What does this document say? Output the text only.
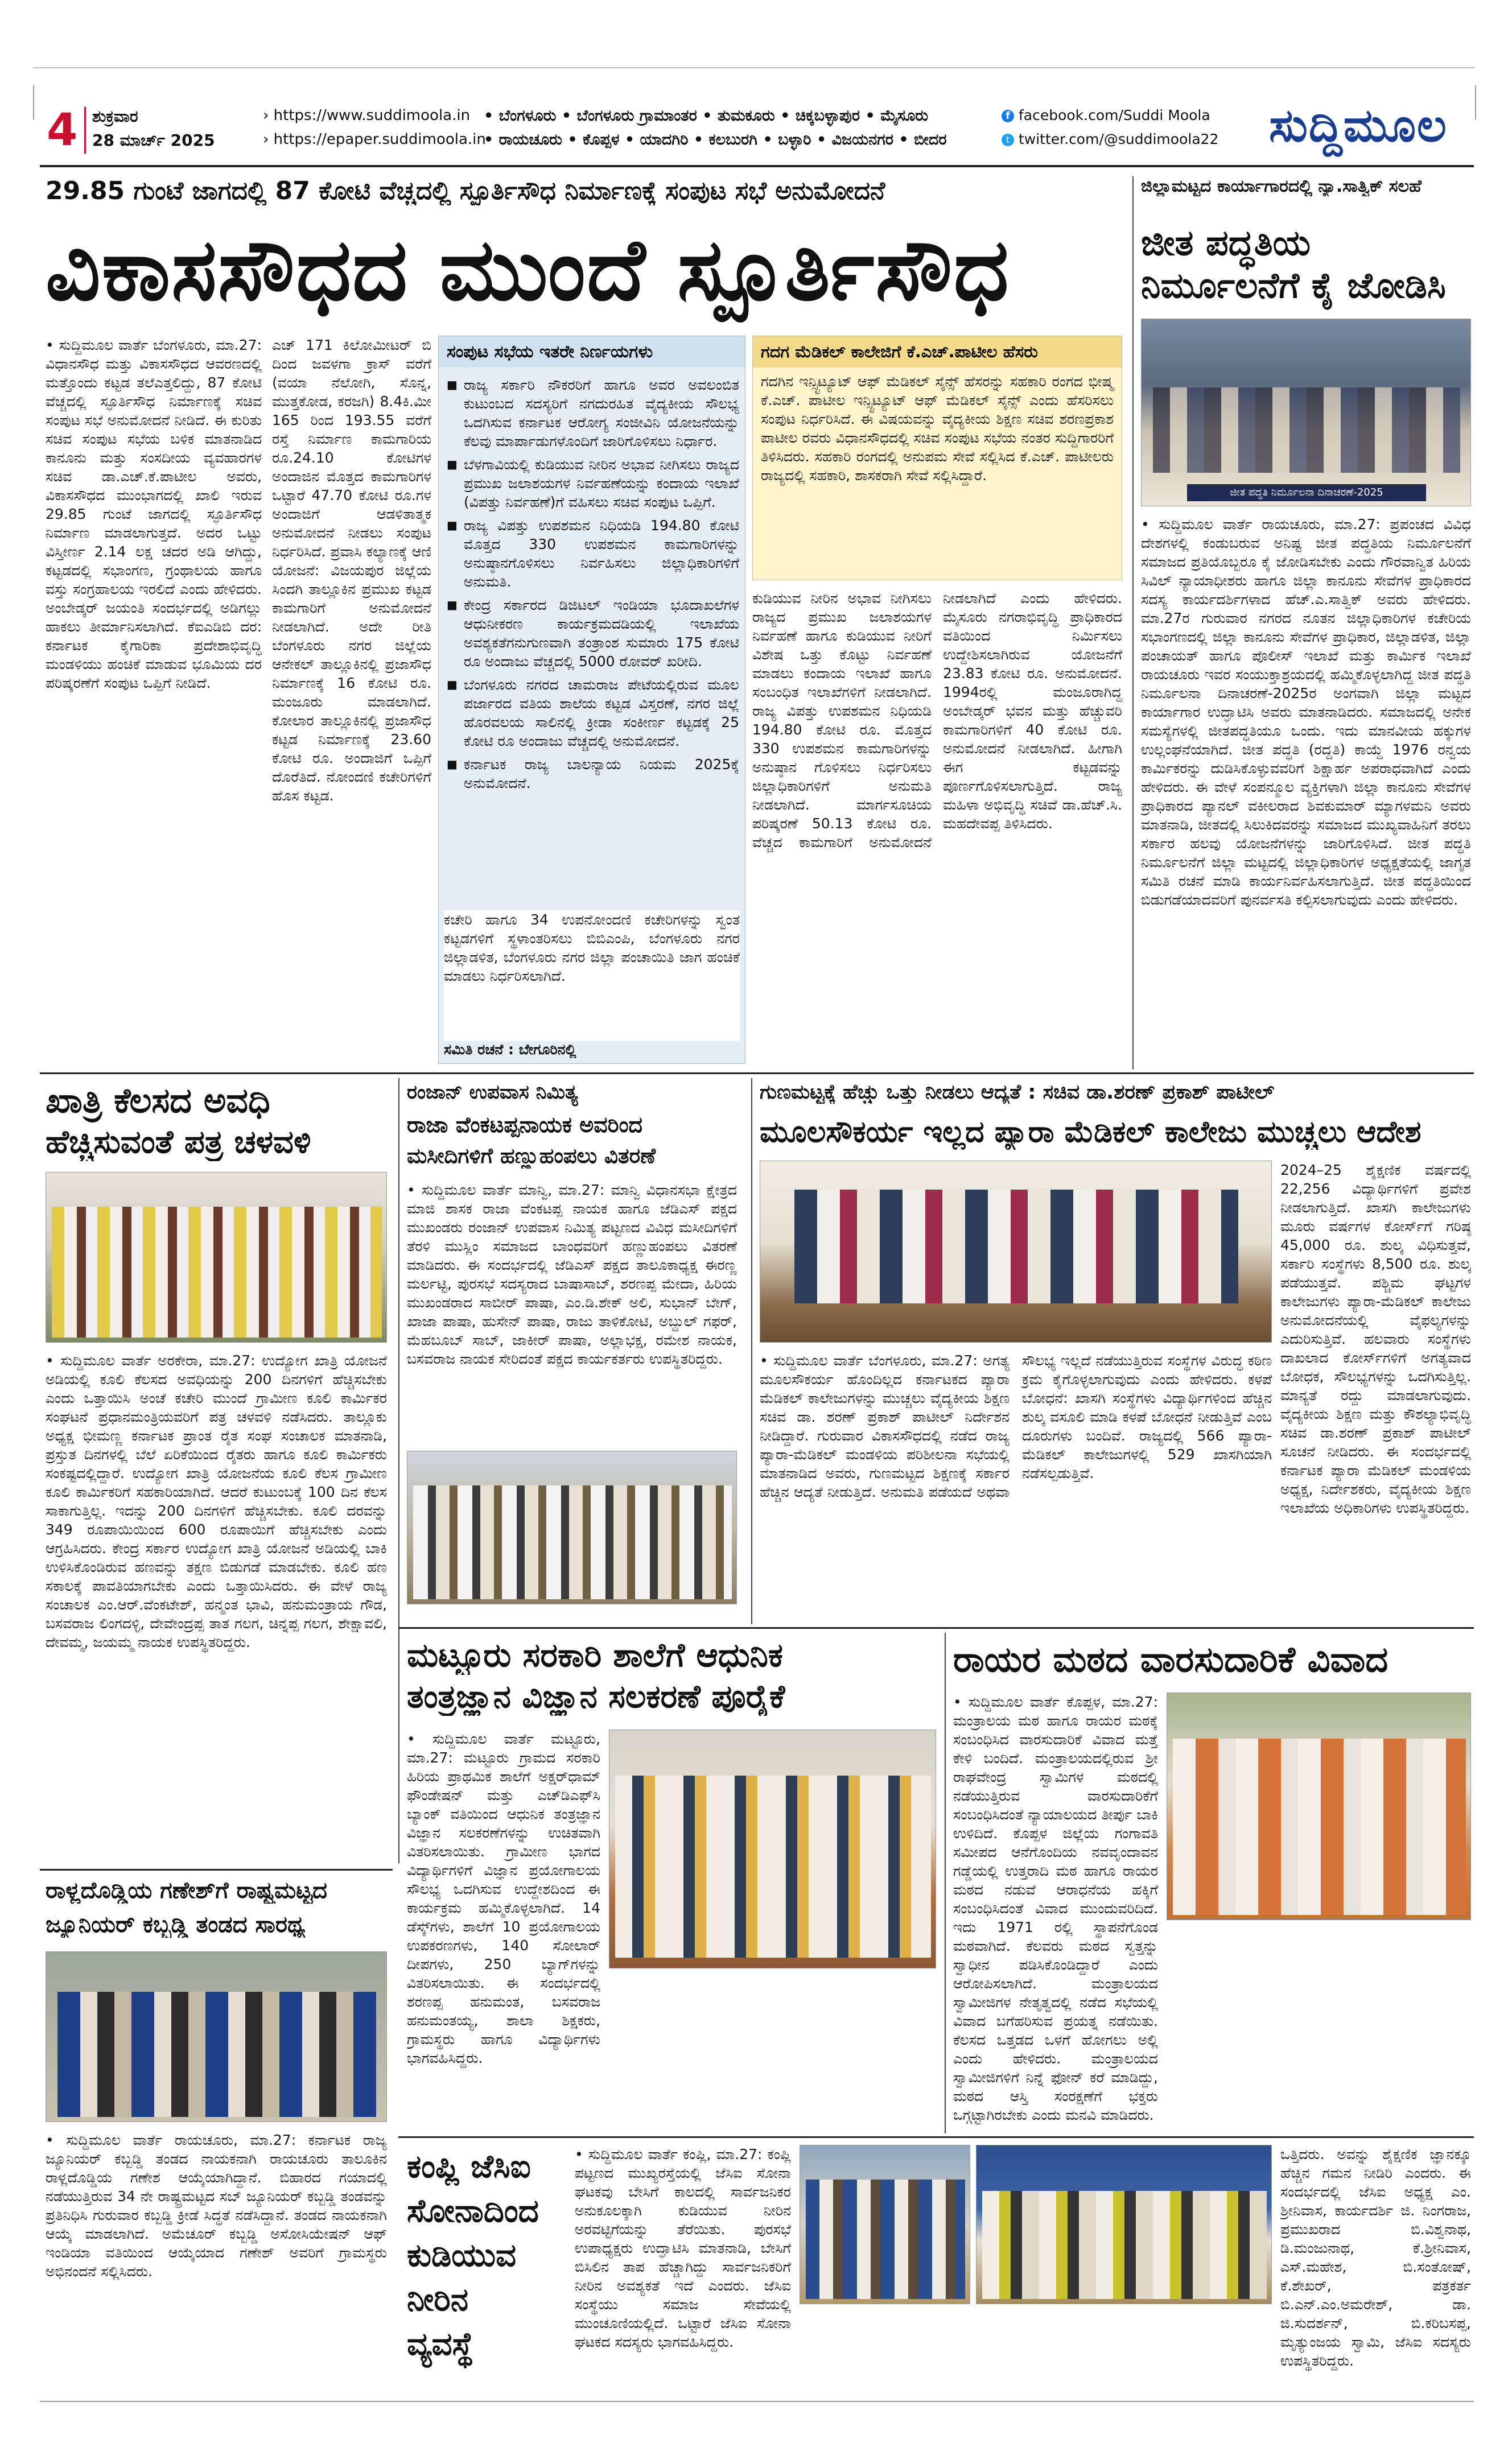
4 ಶುಕ್ರವಾರ
28 ಮಾರ್ಚ್ 2025
› https://www.suddimoola.in
› https://epaper.suddimoola.in
• ಬೆಂಗಳೂರು • ಬೆಂಗಳೂರು ಗ್ರಾಮಾಂತರ • ತುಮಕೂರು • ಚಿಕ್ಕಬಳ್ಳಾಪುರ • ಮೈಸೂರು
• ರಾಯಚೂರು • ಕೊಪ್ಪಳ • ಯಾದಗಿರಿ • ಕಲಬುರಗಿ • ಬಳ್ಳಾರಿ • ವಿಜಯನಗರ • ಬೀದರ
f facebook.com/Suddi Moola
t twitter.com/@suddimoola22 ಸುದ್ದಿಮೂಲ
29.85 ಗುಂಟೆ ಜಾಗದಲ್ಲಿ 87 ಕೋಟಿ ವೆಚ್ಚದಲ್ಲಿ ಸ್ಫೂರ್ತಿಸೌಧ ನಿರ್ಮಾಣಕ್ಕೆ ಸಂಪುಟ ಸಭೆ ಅನುಮೋದನೆ
ವಿಕಾಸಸೌಧದ ಮುಂದೆ ಸ್ಪೂರ್ತಿಸೌಧ
• ಸುದ್ದಿಮೂಲ ವಾರ್ತೆ ಬೆಂಗಳೂರು, ಮಾ.27: ವಿಧಾನಸೌಧ ಮತ್ತು ವಿಕಾಸಸೌಧದ ಆವರಣದಲ್ಲಿ ಮತ್ತೊಂದು ಕಟ್ಟಡ ತಲೆಎತ್ತಲಿದ್ದು, 87 ಕೋಟಿ ವೆಚ್ಚದಲ್ಲಿ ಸ್ಫೂರ್ತಿಸೌಧ ನಿರ್ಮಾಣಕ್ಕೆ ಸಚಿವ ಸಂಪುಟ ಸಭೆ ಅನುಮೋದನೆ ನೀಡಿದೆ. ಈ ಕುರಿತು ಸಚಿವ ಸಂಪುಟ ಸಭೆಯ ಬಳಿಕ ಮಾತನಾಡಿದ ಕಾನೂನು ಮತ್ತು ಸಂಸದೀಯ ವ್ಯವಹಾರಗಳ ಸಚಿವ ಡಾ.ಎಚ್.ಕೆ.ಪಾಟೀಲ ಅವರು, ವಿಕಾಸಸೌಧದ ಮುಂಭಾಗದಲ್ಲಿ ಖಾಲಿ ಇರುವ 29.85 ಗುಂಟೆ ಜಾಗದಲ್ಲಿ ಸ್ಫೂರ್ತಿಸೌಧ ನಿರ್ಮಾಣ ಮಾಡಲಾಗುತ್ತದೆ. ಅದರ ಒಟ್ಟು ವಿಸ್ತೀರ್ಣ 2.14 ಲಕ್ಷ ಚದರ ಅಡಿ ಆಗಿದ್ದು, ಕಟ್ಟಡದಲ್ಲಿ ಸಭಾಂಗಣ, ಗ್ರಂಥಾಲಯ ಹಾಗೂ ವಸ್ತು ಸಂಗ್ರಹಾಲಯ ಇರಲಿದೆ ಎಂದು ಹೇಳಿದರು. ಅಂಬೇಡ್ಕರ್ ಜಯಂತಿ ಸಂದರ್ಭದಲ್ಲಿ ಅಡಿಗಲ್ಲು ಹಾಕಲು ತೀರ್ಮಾನಿಸಲಾಗಿದೆ. ಕೆಐಎಡಿಬಿ ದರ: ಕರ್ನಾಟಕ ಕೈಗಾರಿಕಾ ಪ್ರದೇಶಾಭಿವೃದ್ಧಿ ಮಂಡಳಿಯು ಹಂಚಿಕೆ ಮಾಡುವ ಭೂಮಿಯ ದರ ಪರಿಷ್ಕರಣೆಗೆ ಸಂಪುಟ ಒಪ್ಪಿಗೆ ನೀಡಿದೆ.
ಎಚ್ 171 ಕಿಲೋಮೀಟರ್ ಬಿ ದಿಂದ ಜವಳಗಾ ಕ್ರಾಸ್ ವರೆಗೆ (ವಯಾ ನೆಲೋಗಿ, ಸೊನ್ನ, ಮುತ್ತಕೋಡ, ಕರಜಗಿ) 8.4ಕಿ.ಮೀ 165 ರಿಂದ 193.55 ವರೆಗೆ ರಸ್ತೆ ನಿರ್ಮಾಣ ಕಾಮಗಾರಿಯ ರೂ.24.10 ಕೋಟಿಗಳ ಅಂದಾಜಿನ ಮೊತ್ತದ ಕಾಮಗಾರಿಗಳ ಒಟ್ಟಾರೆ 47.70 ಕೋಟಿ ರೂ.ಗಳ ಅಂದಾಜಿಗೆ ಆಡಳಿತಾತ್ಮಕ ಅನುಮೋದನೆ ನೀಡಲು ಸಂಪುಟ ನಿರ್ಧರಿಸಿದೆ. ಪ್ರವಾಸಿ ಕಲ್ಯಾಣಕ್ಕೆ ಆಣಿ ಯೋಜನೆ: ವಿಜಯಪುರ ಜಿಲ್ಲೆಯ ಸಿಂದಗಿ ತಾಲ್ಲೂಕಿನ ಪ್ರಮುಖ ಕಟ್ಟಡ ಕಾಮಗಾರಿಗೆ ಅನುಮೋದನೆ ನೀಡಲಾಗಿದೆ. ಅದೇ ರೀತಿ ಬೆಂಗಳೂರು ನಗರ ಜಿಲ್ಲೆಯ ಆನೇಕಲ್ ತಾಲ್ಲೂಕಿನಲ್ಲಿ ಪ್ರಜಾಸೌಧ ನಿರ್ಮಾಣಕ್ಕೆ 16 ಕೋಟಿ ರೂ. ಮಂಜೂರು ಮಾಡಲಾಗಿದೆ. ಕೋಲಾರ ತಾಲ್ಲೂಕಿನಲ್ಲಿ ಪ್ರಜಾಸೌಧ ಕಟ್ಟಡ ನಿರ್ಮಾಣಕ್ಕೆ 23.60 ಕೋಟಿ ರೂ. ಅಂದಾಜಿಗೆ ಒಪ್ಪಿಗೆ ದೊರೆತಿದೆ. ನೋಂದಣಿ ಕಚೇರಿಗಳಿಗೆ ಹೊಸ ಕಟ್ಟಡ.
ಸಂಪುಟ ಸಭೆಯ ಇತರೇ ನಿರ್ಣಯಗಳು
■ ರಾಜ್ಯ ಸರ್ಕಾರಿ ನೌಕರರಿಗೆ ಹಾಗೂ ಅವರ ಅವಲಂಬಿತ ಕುಟುಂಬದ ಸದಸ್ಯರಿಗೆ ನಗದುರಹಿತ ವೈದ್ಯಕೀಯ ಸೌಲಭ್ಯ ಒದಗಿಸುವ ಕರ್ನಾಟಕ ಆರೋಗ್ಯ ಸಂಜೀವಿನಿ ಯೋಜನೆಯನ್ನು ಕೆಲವು ಮಾರ್ಪಾಡುಗಳೊಂದಿಗೆ ಜಾರಿಗೊಳಿಸಲು ನಿರ್ಧಾರ.
■ ಬೆಳಗಾವಿಯಲ್ಲಿ ಕುಡಿಯುವ ನೀರಿನ ಅಭಾವ ನೀಗಿಸಲು ರಾಜ್ಯದ ಪ್ರಮುಖ ಜಲಾಶಯಗಳ ನಿರ್ವಹಣೆಯನ್ನು ಕಂದಾಯ ಇಲಾಖೆ (ವಿಪತ್ತು ನಿರ್ವಹಣೆ)ಗೆ ವಹಿಸಲು ಸಚಿವ ಸಂಪುಟ ಒಪ್ಪಿಗೆ.
■ ರಾಜ್ಯ ವಿಪತ್ತು ಉಪಶಮನ ನಿಧಿಯಡಿ 194.80 ಕೋಟಿ ಮೊತ್ತದ 330 ಉಪಶಮನ ಕಾಮಗಾರಿಗಳನ್ನು ಅನುಷ್ಠಾನಗೊಳಿಸಲು ನಿರ್ವಹಿಸಲು ಜಿಲ್ಲಾಧಿಕಾರಿಗಳಿಗೆ ಅನುಮತಿ.
■ ಕೇಂದ್ರ ಸರ್ಕಾರದ ಡಿಜಿಟಲ್ ಇಂಡಿಯಾ ಭೂದಾಖಲೆಗಳ ಆಧುನೀಕರಣ ಕಾರ್ಯಕ್ರಮದಡಿಯಲ್ಲಿ ಇಲಾಖೆಯ ಅವಶ್ಯಕತೆಗನುಗುಣವಾಗಿ ತಂತ್ರಾಂಶ ಸುಮಾರು 175 ಕೋಟಿ ರೂ ಅಂದಾಜು ವೆಚ್ಚದಲ್ಲಿ 5000 ರೋವರ್ ಖರೀದಿ.
■ ಬೆಂಗಳೂರು ನಗರದ ಚಾಮರಾಜ ಪೇಟೆಯಲ್ಲಿರುವ ಮೂಲ ಪರ್ಜಾರದ ವತಿಯ ಶಾಲೆಯ ಕಟ್ಟಡ ವಿಸ್ತರಣೆ, ನಗರ ಜಿಲ್ಲೆ ಹೊರವಲಯ ಸಾಲಿನಲ್ಲಿ ಕ್ರೀಡಾ ಸಂಕೀರ್ಣ ಕಟ್ಟಡಕ್ಕೆ 25 ಕೋಟಿ ರೂ ಅಂದಾಜು ವೆಚ್ಚದಲ್ಲಿ ಅನುಮೋದನೆ.
■ ಕರ್ನಾಟಕ ರಾಜ್ಯ ಬಾಲನ್ಯಾಯ ನಿಯಮ 2025ಕ್ಕೆ ಅನುಮೋದನೆ.
ಕಚೇರಿ ಹಾಗೂ 34 ಉಪನೋಂದಣಿ ಕಚೇರಿಗಳನ್ನು ಸ್ವಂತ ಕಟ್ಟಡಗಳಿಗೆ ಸ್ಥಳಾಂತರಿಸಲು ಬಿಬಿಎಂಪಿ, ಬೆಂಗಳೂರು ನಗರ ಜಿಲ್ಲಾಡಳಿತ, ಬೆಂಗಳೂರು ನಗರ ಜಿಲ್ಲಾ ಪಂಚಾಯಿತಿ ಜಾಗ ಹಂಚಿಕೆ ಮಾಡಲು ನಿರ್ಧರಿಸಲಾಗಿದೆ.
ಸಮಿತಿ ರಚನೆ : ಬೇಗೂರಿನಲ್ಲಿ
ಗದಗ ಮೆಡಿಕಲ್ ಕಾಲೇಜಿಗೆ ಕೆ.ಎಚ್.ಪಾಟೀಲ ಹೆಸರು
ಗದಗಿನ ಇನ್ಸ್ಟಿಟ್ಯೂಟ್ ಆಫ್ ಮೆಡಿಕಲ್ ಸೈನ್ಸ್ ಹೆಸರನ್ನು ಸಹಕಾರಿ ರಂಗದ ಭೀಷ್ಮ ಕೆ.ಎಚ್. ಪಾಟೀಲ ಇನ್ಸ್ಟಿಟ್ಯೂಟ್ ಆಫ್ ಮೆಡಿಕಲ್ ಸೈನ್ಸ್ ಎಂದು ಹೆಸರಿಸಲು ಸಂಪುಟ ನಿರ್ಧರಿಸಿದೆ. ಈ ವಿಷಯವನ್ನು ವೈದ್ಯಕೀಯ ಶಿಕ್ಷಣ ಸಚಿವ ಶರಣಪ್ರಕಾಶ ಪಾಟೀಲ ರವರು ವಿಧಾನಸೌಧದಲ್ಲಿ ಸಚಿವ ಸಂಪುಟ ಸಭೆಯ ನಂತರ ಸುದ್ದಿಗಾರರಿಗೆ ತಿಳಿಸಿದರು. ಸಹಕಾರಿ ರಂಗದಲ್ಲಿ ಅನುಪಮ ಸೇವೆ ಸಲ್ಲಿಸಿದ ಕೆ.ಎಚ್. ಪಾಟೀಲರು ರಾಜ್ಯದಲ್ಲಿ ಸಹಕಾರಿ, ಶಾಸಕರಾಗಿ ಸೇವೆ ಸಲ್ಲಿಸಿದ್ದಾರೆ.
ಕುಡಿಯುವ ನೀರಿನ ಅಭಾವ ನೀಗಿಸಲು ರಾಜ್ಯದ ಪ್ರಮುಖ ಜಲಾಶಯಗಳ ನಿರ್ವಹಣೆ ಹಾಗೂ ಕುಡಿಯುವ ನೀರಿಗೆ ವಿಶೇಷ ಒತ್ತು ಕೊಟ್ಟು ನಿರ್ವಹಣೆ ಮಾಡಲು ಕಂದಾಯ ಇಲಾಖೆ ಹಾಗೂ ಸಂಬಂಧಿತ ಇಲಾಖೆಗಳಿಗೆ ನೀಡಲಾಗಿದೆ. ರಾಜ್ಯ ವಿಪತ್ತು ಉಪಶಮನ ನಿಧಿಯಡಿ 194.80 ಕೋಟಿ ರೂ. ಮೊತ್ತದ 330 ಉಪಶಮನ ಕಾಮಗಾರಿಗಳನ್ನು ಅನುಷ್ಠಾನ ಗೊಳಿಸಲು ನಿರ್ಧರಿಸಲು ಜಿಲ್ಲಾಧಿಕಾರಿಗಳಿಗೆ ಅನುಮತಿ ನೀಡಲಾಗಿದೆ. ಮಾರ್ಗಸೂಚಿಯ ಪರಿಷ್ಕರಣೆ 50.13 ಕೋಟಿ ರೂ. ವೆಚ್ಚದ ಕಾಮಗಾರಿಗೆ ಅನುಮೋದನೆ ನೀಡಲಾಗಿದೆ ಎಂದು ಹೇಳಿದರು. ಮೈಸೂರು ನಗರಾಭಿವೃದ್ಧಿ ಪ್ರಾಧಿಕಾರದ ವತಿಯಿಂದ ನಿರ್ಮಿಸಲು ಉದ್ದೇಶಿಸಲಾಗಿರುವ ಯೋಜನೆಗೆ 23.83 ಕೋಟಿ ರೂ. ಅನುಮೋದನೆ. 1994ರಲ್ಲಿ ಮಂಜೂರಾಗಿದ್ದ ಅಂಬೇಡ್ಕರ್ ಭವನ ಮತ್ತು ಹೆಚ್ಚುವರಿ ಕಾಮಗಾರಿಗಳಿಗೆ 40 ಕೋಟಿ ರೂ. ಅನುಮೋದನೆ ನೀಡಲಾಗಿದೆ. ಹೀಗಾಗಿ ಈಗ ಕಟ್ಟಡವನ್ನು ಪೂರ್ಣಗೊಳಿಸಲಾಗುತ್ತಿದೆ. ರಾಜ್ಯ ಮಹಿಳಾ ಅಭಿವೃದ್ಧಿ ಸಚಿವೆ ಡಾ.ಹೆಚ್.ಸಿ. ಮಹದೇವಪ್ಪ ತಿಳಿಸಿದರು.
ಜಿಲ್ಲಾಮಟ್ಟದ ಕಾರ್ಯಾಗಾರದಲ್ಲಿ ನ್ಯಾ.ಸಾತ್ವಿಕ್ ಸಲಹೆ
ಜೀತ ಪದ್ಧತಿಯ
ನಿರ್ಮೂಲನೆಗೆ ಕೈ ಜೋಡಿಸಿ
ಜೀತ ಪದ್ಧತಿ ನಿರ್ಮೂಲನಾ ದಿನಾಚರಣೆ-2025
• ಸುದ್ದಿಮೂಲ ವಾರ್ತೆ ರಾಯಚೂರು, ಮಾ.27: ಪ್ರಪಂಚದ ವಿವಿಧ ದೇಶಗಳಲ್ಲಿ ಕಂಡುಬರುವ ಅನಿಷ್ಟ ಜೀತ ಪದ್ಧತಿಯ ನಿರ್ಮೂಲನೆಗೆ ಸಮಾಜದ ಪ್ರತಿಯೊಬ್ಬರೂ ಕೈ ಜೋಡಿಸಬೇಕು ಎಂದು ಗೌರವಾನ್ವಿತ ಹಿರಿಯ ಸಿವಿಲ್ ನ್ಯಾಯಾಧೀಶರು ಹಾಗೂ ಜಿಲ್ಲಾ ಕಾನೂನು ಸೇವೆಗಳ ಪ್ರಾಧಿಕಾರದ ಸದಸ್ಯ ಕಾರ್ಯದರ್ಶಿಗಳಾದ ಹೆಚ್.ಎ.ಸಾತ್ವಿಕ್ ಅವರು ಹೇಳಿದರು. ಮಾ.27ರ ಗುರುವಾರ ನಗರದ ನೂತನ ಜಿಲ್ಲಾಧಿಕಾರಿಗಳ ಕಚೇರಿಯ ಸಭಾಂಗಣದಲ್ಲಿ ಜಿಲ್ಲಾ ಕಾನೂನು ಸೇವೆಗಳ ಪ್ರಾಧಿಕಾರ, ಜಿಲ್ಲಾಡಳಿತ, ಜಿಲ್ಲಾ ಪಂಚಾಯತ್ ಹಾಗೂ ಪೊಲೀಸ್ ಇಲಾಖೆ ಮತ್ತು ಕಾರ್ಮಿಕ ಇಲಾಖೆ ರಾಯಚೂರು ಇವರ ಸಂಯುಕ್ತಾಶ್ರಯದಲ್ಲಿ ಹಮ್ಮಿಕೊಳ್ಳಲಾಗಿದ್ದ ಜೀತ ಪದ್ಧತಿ ನಿರ್ಮೂಲನಾ ದಿನಾಚರಣೆ-2025ರ ಅಂಗವಾಗಿ ಜಿಲ್ಲಾ ಮಟ್ಟದ ಕಾರ್ಯಾಗಾರ ಉದ್ಘಾಟಿಸಿ ಅವರು ಮಾತನಾಡಿದರು. ಸಮಾಜದಲ್ಲಿ ಅನೇಕ ಸಮಸ್ಯೆಗಳಲ್ಲಿ ಜೀತಪದ್ಧತಿಯೂ ಒಂದು. ಇದು ಮಾನವೀಯ ಹಕ್ಕುಗಳ ಉಲ್ಲಂಘನೆಯಾಗಿದೆ. ಜೀತ ಪದ್ಧತಿ (ರದ್ದತಿ) ಕಾಯ್ದೆ 1976 ರನ್ವಯ ಕಾರ್ಮಿಕರನ್ನು ದುಡಿಸಿಕೊಳ್ಳುವವರಿಗೆ ಶಿಕ್ಷಾರ್ಹ ಅಪರಾಧವಾಗಿದೆ ಎಂದು ಹೇಳಿದರು. ಈ ವೇಳೆ ಸಂಪನ್ಮೂಲ ವ್ಯಕ್ತಿಗಳಾಗಿ ಜಿಲ್ಲಾ ಕಾನೂನು ಸೇವೆಗಳ ಪ್ರಾಧಿಕಾರದ ಪ್ಯಾನಲ್ ವಕೀಲರಾದ ಶಿವಕುಮಾರ್ ಮ್ಯಾಗಳಮನಿ ಅವರು ಮಾತನಾಡಿ, ಜೀತದಲ್ಲಿ ಸಿಲುಕಿದವರನ್ನು ಸಮಾಜದ ಮುಖ್ಯವಾಹಿನಿಗೆ ತರಲು ಸರ್ಕಾರ ಹಲವು ಯೋಜನೆಗಳನ್ನು ಜಾರಿಗೊಳಿಸಿದೆ. ಜೀತ ಪದ್ಧತಿ ನಿರ್ಮೂಲನೆಗೆ ಜಿಲ್ಲಾ ಮಟ್ಟದಲ್ಲಿ ಜಿಲ್ಲಾಧಿಕಾರಿಗಳ ಅಧ್ಯಕ್ಷತೆಯಲ್ಲಿ ಜಾಗೃತ ಸಮಿತಿ ರಚನೆ ಮಾಡಿ ಕಾರ್ಯನಿರ್ವಹಿಸಲಾಗುತ್ತಿದೆ. ಜೀತ ಪದ್ಧತಿಯಿಂದ ಬಿಡುಗಡೆಯಾದವರಿಗೆ ಪುನರ್ವಸತಿ ಕಲ್ಪಿಸಲಾಗುವುದು ಎಂದು ಹೇಳಿದರು.
ಖಾತ್ರಿ ಕೆಲಸದ ಅವಧಿ
ಹೆಚ್ಚಿಸುವಂತೆ ಪತ್ರ ಚಳವಳಿ
• ಸುದ್ದಿಮೂಲ ವಾರ್ತೆ ಅರಕೇರಾ, ಮಾ.27: ಉದ್ಯೋಗ ಖಾತ್ರಿ ಯೋಜನೆ ಅಡಿಯಲ್ಲಿ ಕೂಲಿ ಕೆಲಸದ ಅವಧಿಯನ್ನು 200 ದಿನಗಳಿಗೆ ಹೆಚ್ಚಿಸಬೇಕು ಎಂದು ಒತ್ತಾಯಿಸಿ ಅಂಚೆ ಕಚೇರಿ ಮುಂದೆ ಗ್ರಾಮೀಣ ಕೂಲಿ ಕಾರ್ಮಿಕರ ಸಂಘಟನೆ ಪ್ರಧಾನಮಂತ್ರಿಯವರಿಗೆ ಪತ್ರ ಚಳವಳಿ ನಡೆಸಿದರು. ತಾಲ್ಲೂಕು ಅಧ್ಯಕ್ಷ ಭೀಮಣ್ಣ ಕರ್ನಾಟಕ ಪ್ರಾಂತ ರೈತ ಸಂಘ ಸಂಚಾಲಕ ಮಾತನಾಡಿ, ಪ್ರಸ್ತುತ ದಿನಗಳಲ್ಲಿ ಬೆಲೆ ಏರಿಕೆಯಿಂದ ರೈತರು ಹಾಗೂ ಕೂಲಿ ಕಾರ್ಮಿಕರು ಸಂಕಷ್ಟದಲ್ಲಿದ್ದಾರೆ. ಉದ್ಯೋಗ ಖಾತ್ರಿ ಯೋಜನೆಯ ಕೂಲಿ ಕೆಲಸ ಗ್ರಾಮೀಣ ಕೂಲಿ ಕಾರ್ಮಿಕರಿಗೆ ಸಹಕಾರಿಯಾಗಿದೆ. ಆದರೆ ಕುಟುಂಬಕ್ಕೆ 100 ದಿನ ಕೆಲಸ ಸಾಕಾಗುತ್ತಿಲ್ಲ. ಇದನ್ನು 200 ದಿನಗಳಿಗೆ ಹೆಚ್ಚಿಸಬೇಕು. ಕೂಲಿ ದರವನ್ನು 349 ರೂಪಾಯಿಯಿಂದ 600 ರೂಪಾಯಿಗೆ ಹೆಚ್ಚಿಸಬೇಕು ಎಂದು ಆಗ್ರಹಿಸಿದರು. ಕೇಂದ್ರ ಸರ್ಕಾರ ಉದ್ಯೋಗ ಖಾತ್ರಿ ಯೋಜನೆ ಅಡಿಯಲ್ಲಿ ಬಾಕಿ ಉಳಿಸಿಕೊಂಡಿರುವ ಹಣವನ್ನು ತಕ್ಷಣ ಬಿಡುಗಡೆ ಮಾಡಬೇಕು. ಕೂಲಿ ಹಣ ಸಕಾಲಕ್ಕೆ ಪಾವತಿಯಾಗಬೇಕು ಎಂದು ಒತ್ತಾಯಿಸಿದರು. ಈ ವೇಳೆ ರಾಜ್ಯ ಸಂಚಾಲಕ ಎಂ.ಆರ್.ವೆಂಕಟೇಶ್, ಹನ್ಮಂತ ಭಾವಿ, ಹನುಮಂತ್ರಾಯ ಗೌಡ, ಬಸವರಾಜ ಲಿಂಗದಳ್ಳಿ, ದೇವೇಂದ್ರಪ್ಪ ತಾತ ಗಲಗ, ಚಿನ್ನಪ್ಪ ಗಲಗ, ಶೇಕ್ಷಾವಲಿ, ದೇವಮ್ಮ, ಜಯಮ್ಮ ನಾಯಕ ಉಪಸ್ಥಿತರಿದ್ದರು.
ರಂಜಾನ್ ಉಪವಾಸ ನಿಮಿತ್ಯ
ರಾಜಾ ವೆಂಕಟಪ್ಪನಾಯಕ ಅವರಿಂದ
ಮಸೀದಿಗಳಿಗೆ ಹಣ್ಣುಹಂಪಲು ವಿತರಣೆ
• ಸುದ್ದಿಮೂಲ ವಾರ್ತೆ ಮಾನ್ವಿ, ಮಾ.27: ಮಾನ್ವಿ ವಿಧಾನಸಭಾ ಕ್ಷೇತ್ರದ ಮಾಜಿ ಶಾಸಕ ರಾಜಾ ವೆಂಕಟಪ್ಪ ನಾಯಕ ಹಾಗೂ ಜೆಡಿಎಸ್ ಪಕ್ಷದ ಮುಖಂಡರು ರಂಜಾನ್ ಉಪವಾಸ ನಿಮಿತ್ಯ ಪಟ್ಟಣದ ವಿವಿಧ ಮಸೀದಿಗಳಿಗೆ ತೆರಳಿ ಮುಸ್ಲಿಂ ಸಮಾಜದ ಬಾಂಧವರಿಗೆ ಹಣ್ಣುಹಂಪಲು ವಿತರಣೆ ಮಾಡಿದರು. ಈ ಸಂದರ್ಭದಲ್ಲಿ ಜೆಡಿಎಸ್ ಪಕ್ಷದ ತಾಲೂಕಾಧ್ಯಕ್ಷ ಈರಣ್ಣ ಮರ್ಲಟ್ಟಿ, ಪುರಸಭೆ ಸದಸ್ಯರಾದ ಬಾಷಾಸಾಬ್, ಶರಣಪ್ಪ ಮೇದಾ, ಹಿರಿಯ ಮುಖಂಡರಾದ ಸಾಬೀರ್ ಪಾಷಾ, ಎಂ.ಡಿ.ಶೇಕ್ ಅಲಿ, ಸುಭಾನ್ ಬೇಗ್, ಖಾಜಾ ಪಾಷಾ, ಹುಸೇನ್ ಪಾಷಾ, ರಾಜು ತಾಳಿಕೋಟಿ, ಅಬ್ದುಲ್ ಗಫರ್, ಮೆಹಬೂಬ್ ಸಾಬ್, ಜಾಕೀರ್ ಪಾಷಾ, ಅಲ್ಲಾಭಕ್ಷ, ರಮೇಶ ನಾಯಕ, ಬಸವರಾಜ ನಾಯಕ ಸೇರಿದಂತೆ ಪಕ್ಷದ ಕಾರ್ಯಕರ್ತರು ಉಪಸ್ಥಿತರಿದ್ದರು.
ಗುಣಮಟ್ಟಕ್ಕೆ ಹೆಚ್ಚು ಒತ್ತು ನೀಡಲು ಆದ್ಯತೆ : ಸಚಿವ ಡಾ.ಶರಣ್ ಪ್ರಕಾಶ್ ಪಾಟೀಲ್
ಮೂಲಸೌಕರ್ಯ ಇಲ್ಲದ ಪ್ಯಾರಾ ಮೆಡಿಕಲ್ ಕಾಲೇಜು ಮುಚ್ಚಲು ಆದೇಶ
2024–25 ಶೈಕ್ಷಣಿಕ ವರ್ಷದಲ್ಲಿ 22,256 ವಿದ್ಯಾರ್ಥಿಗಳಿಗೆ ಪ್ರವೇಶ ನೀಡಲಾಗುತ್ತಿದೆ. ಖಾಸಗಿ ಕಾಲೇಜುಗಳು ಮೂರು ವರ್ಷಗಳ ಕೋರ್ಸ್‌ಗೆ ಗರಿಷ್ಠ 45,000 ರೂ. ಶುಲ್ಕ ವಿಧಿಸುತ್ತವೆ, ಸರ್ಕಾರಿ ಸಂಸ್ಥೆಗಳು 8,500 ರೂ. ಶುಲ್ಕ ಪಡೆಯುತ್ತವೆ. ಪಶ್ಚಿಮ ಘಟ್ಟಗಳ ಕಾಲೇಜುಗಳು ಪ್ಯಾರಾ-ಮೆಡಿಕಲ್ ಕಾಲೇಜು ಅನುಮೋದನೆಯಲ್ಲಿ ವೈಫಲ್ಯಗಳನ್ನು ಎದುರಿಸುತ್ತಿವೆ. ಹಲವಾರು ಸಂಸ್ಥೆಗಳು ದಾಖಲಾದ ಕೋರ್ಸ್‌ಗಳಿಗೆ ಅಗತ್ಯವಾದ ಬೋಧಕ, ಸೌಲಭ್ಯಗಳನ್ನು ಒದಗಿಸುತ್ತಿಲ್ಲ. ಮಾನ್ಯತೆ ರದ್ದು ಮಾಡಲಾಗುವುದು. ವೈದ್ಯಕೀಯ ಶಿಕ್ಷಣ ಮತ್ತು ಕೌಶಲ್ಯಾಭಿವೃದ್ಧಿ ಸಚಿವ ಡಾ.ಶರಣ್ ಪ್ರಕಾಶ್ ಪಾಟೀಲ್ ಸೂಚನೆ ನೀಡಿದರು. ಈ ಸಂದರ್ಭದಲ್ಲಿ ಕರ್ನಾಟಕ ಪ್ಯಾರಾ ಮೆಡಿಕಲ್ ಮಂಡಳಿಯ ಅಧ್ಯಕ್ಷ, ನಿರ್ದೇಶಕರು, ವೈದ್ಯಕೀಯ ಶಿಕ್ಷಣ ಇಲಾಖೆಯ ಅಧಿಕಾರಿಗಳು ಉಪಸ್ಥಿತರಿದ್ದರು.
• ಸುದ್ದಿಮೂಲ ವಾರ್ತೆ ಬೆಂಗಳೂರು, ಮಾ.27: ಅಗತ್ಯ ಮೂಲಸೌಕರ್ಯ ಹೊಂದಿಲ್ಲದ ಕರ್ನಾಟಕದ ಪ್ಯಾರಾ ಮೆಡಿಕಲ್ ಕಾಲೇಜುಗಳನ್ನು ಮುಚ್ಚಲು ವೈದ್ಯಕೀಯ ಶಿಕ್ಷಣ ಸಚಿವ ಡಾ. ಶರಣ್ ಪ್ರಕಾಶ್ ಪಾಟೀಲ್ ನಿರ್ದೇಶನ ನೀಡಿದ್ದಾರೆ. ಗುರುವಾರ ವಿಕಾಸಸೌಧದಲ್ಲಿ ನಡೆದ ರಾಜ್ಯ ಪ್ಯಾರಾ-ಮೆಡಿಕಲ್ ಮಂಡಳಿಯ ಪರಿಶೀಲನಾ ಸಭೆಯಲ್ಲಿ ಮಾತನಾಡಿದ ಅವರು, ಗುಣಮಟ್ಟದ ಶಿಕ್ಷಣಕ್ಕೆ ಸರ್ಕಾರ ಹೆಚ್ಚಿನ ಆದ್ಯತೆ ನೀಡುತ್ತಿದೆ. ಅನುಮತಿ ಪಡೆಯದೆ ಅಥವಾ ಸೌಲಭ್ಯ ಇಲ್ಲದೆ ನಡೆಯುತ್ತಿರುವ ಸಂಸ್ಥೆಗಳ ವಿರುದ್ಧ ಕಠಿಣ ಕ್ರಮ ಕೈಗೊಳ್ಳಲಾಗುವುದು ಎಂದು ಹೇಳಿದರು. ಕಳಪೆ ಬೋಧನೆ: ಖಾಸಗಿ ಸಂಸ್ಥೆಗಳು ವಿದ್ಯಾರ್ಥಿಗಳಿಂದ ಹೆಚ್ಚಿನ ಶುಲ್ಕ ವಸೂಲಿ ಮಾಡಿ ಕಳಪೆ ಬೋಧನೆ ನೀಡುತ್ತಿವೆ ಎಂಬ ದೂರುಗಳು ಬಂದಿವೆ. ರಾಜ್ಯದಲ್ಲಿ 566 ಪ್ಯಾರಾ-ಮೆಡಿಕಲ್ ಕಾಲೇಜುಗಳಲ್ಲಿ 529 ಖಾಸಗಿಯಾಗಿ ನಡೆಸಲ್ಪಡುತ್ತಿವೆ.
ಮಟ್ಟೂರು ಸರಕಾರಿ ಶಾಲೆಗೆ ಆಧುನಿಕ
ತಂತ್ರಜ್ಞಾನ ವಿಜ್ಞಾನ ಸಲಕರಣೆ ಪೂರೈಕೆ
• ಸುದ್ದಿಮೂಲ ವಾರ್ತೆ ಮಟ್ಟೂರು, ಮಾ.27: ಮಟ್ಟೂರು ಗ್ರಾಮದ ಸರಕಾರಿ ಹಿರಿಯ ಪ್ರಾಥಮಿಕ ಶಾಲೆಗೆ ಅಕ್ಷರ್‌ಧಾಮ್ ಫೌಂಡೇಷನ್ ಮತ್ತು ಎಚ್‌ಡಿಎಫ್‌ಸಿ ಬ್ಯಾಂಕ್ ವತಿಯಿಂದ ಆಧುನಿಕ ತಂತ್ರಜ್ಞಾನ ವಿಜ್ಞಾನ ಸಲಕರಣೆಗಳನ್ನು ಉಚಿತವಾಗಿ ವಿತರಿಸಲಾಯಿತು. ಗ್ರಾಮೀಣ ಭಾಗದ ವಿದ್ಯಾರ್ಥಿಗಳಿಗೆ ವಿಜ್ಞಾನ ಪ್ರಯೋಗಾಲಯ ಸೌಲಭ್ಯ ಒದಗಿಸುವ ಉದ್ದೇಶದಿಂದ ಈ ಕಾರ್ಯಕ್ರಮ ಹಮ್ಮಿಕೊಳ್ಳಲಾಗಿದೆ. 14 ಡೆಸ್ಕ್‌ಗಳು, ಶಾಲೆಗೆ 10 ಪ್ರಯೋಗಾಲಯ ಉಪಕರಣಗಳು, 140 ಸೋಲಾರ್ ದೀಪಗಳು, 250 ಬ್ಯಾಗ್‌ಗಳನ್ನು ವಿತರಿಸಲಾಯಿತು. ಈ ಸಂದರ್ಭದಲ್ಲಿ ಶರಣಪ್ಪ ಹನುಮಂತ, ಬಸವರಾಜ ಹನುಮಂತಯ್ಯ, ಶಾಲಾ ಶಿಕ್ಷಕರು, ಗ್ರಾಮಸ್ಥರು ಹಾಗೂ ವಿದ್ಯಾರ್ಥಿಗಳು ಭಾಗವಹಿಸಿದ್ದರು.
ರಾಯರ ಮಠದ ವಾರಸುದಾರಿಕೆ ವಿವಾದ
• ಸುದ್ದಿಮೂಲ ವಾರ್ತೆ ಕೊಪ್ಪಳ, ಮಾ.27: ಮಂತ್ರಾಲಯ ಮಠ ಹಾಗೂ ರಾಯರ ಮಠಕ್ಕೆ ಸಂಬಂಧಿಸಿದ ವಾರಸುದಾರಿಕೆ ವಿವಾದ ಮತ್ತೆ ಕೇಳಿ ಬಂದಿದೆ. ಮಂತ್ರಾಲಯದಲ್ಲಿರುವ ಶ್ರೀ ರಾಘವೇಂದ್ರ ಸ್ವಾಮಿಗಳ ಮಠದಲ್ಲಿ ನಡೆಯುತ್ತಿರುವ ವಾರಸುದಾರಿಕೆಗೆ ಸಂಬಂಧಿಸಿದಂತೆ ನ್ಯಾಯಾಲಯದ ತೀರ್ಪು ಬಾಕಿ ಉಳಿದಿದೆ. ಕೊಪ್ಪಳ ಜಿಲ್ಲೆಯ ಗಂಗಾವತಿ ಸಮೀಪದ ಆನೆಗೊಂದಿಯ ನವವೃಂದಾವನ ಗಡ್ಡೆಯಲ್ಲಿ ಉತ್ತರಾದಿ ಮಠ ಹಾಗೂ ರಾಯರ ಮಠದ ನಡುವೆ ಆರಾಧನೆಯ ಹಕ್ಕಿಗೆ ಸಂಬಂಧಿಸಿದಂತೆ ವಿವಾದ ಮುಂದುವರಿದಿದೆ. ಇದು 1971 ರಲ್ಲಿ ಸ್ಥಾಪನೆಗೊಂಡ ಮಠವಾಗಿದೆ. ಕೆಲವರು ಮಠದ ಸ್ವತ್ತನ್ನು ಸ್ವಾಧೀನ ಪಡಿಸಿಕೊಂಡಿದ್ದಾರೆ ಎಂದು ಆರೋಪಿಸಲಾಗಿದೆ. ಮಂತ್ರಾಲಯದ ಸ್ವಾಮೀಜಿಗಳ ನೇತೃತ್ವದಲ್ಲಿ ನಡೆದ ಸಭೆಯಲ್ಲಿ ವಿವಾದ ಬಗೆಹರಿಸುವ ಪ್ರಯತ್ನ ನಡೆಯಿತು. ಕೆಲಸದ ಒತ್ತಡದ ಒಳಗೆ ಹೋಗಲು ಅಲ್ಲಿ ಎಂದು ಹೇಳಿದರು. ಮಂತ್ರಾಲಯದ ಸ್ವಾಮೀಜಿಗಳಿಗೆ ನಿನ್ನೆ ಫೋನ್ ಕರೆ ಮಾಡಿದ್ದು, ಮಠದ ಆಸ್ತಿ ಸಂರಕ್ಷಣೆಗೆ ಭಕ್ತರು ಒಗ್ಗಟ್ಟಾಗಿರಬೇಕು ಎಂದು ಮನವಿ ಮಾಡಿದರು.
ರಾಳ್ಲದೊಡ್ಡಿಯ ಗಣೇಶ್‌ಗೆ ರಾಷ್ಟ್ರಮಟ್ಟದ
ಜ್ಯೂನಿಯರ್ ಕಬ್ಬಡ್ಡಿ ತಂಡದ ಸಾರಥ್ಯ
• ಸುದ್ದಿಮೂಲ ವಾರ್ತೆ ರಾಯಚೂರು, ಮಾ.27: ಕರ್ನಾಟಕ ರಾಜ್ಯ ಜ್ಯೂನಿಯರ್ ಕಬ್ಬಡ್ಡಿ ತಂಡದ ನಾಯಕನಾಗಿ ರಾಯಚೂರು ತಾಲೂಕಿನ ರಾಳ್ಲದೊಡ್ಡಿಯ ಗಣೇಶ ಆಯ್ಕೆಯಾಗಿದ್ದಾನೆ. ಬಿಹಾರದ ಗಯಾದಲ್ಲಿ ನಡೆಯುತ್ತಿರುವ 34 ನೇ ರಾಷ್ಟ್ರಮಟ್ಟದ ಸಬ್ ಜ್ಯೂನಿಯರ್ ಕಬ್ಬಡ್ಡಿ ತಂಡವನ್ನು ಪ್ರತಿನಿಧಿಸಿ ಗುರುವಾರ ಕಬ್ಬಡ್ಡಿ ಕ್ರೀಡೆ ಸಿದ್ಧತೆ ನಡೆಸಿದ್ದಾನೆ. ತಂಡದ ನಾಯಕನಾಗಿ ಆಯ್ಕೆ ಮಾಡಲಾಗಿದೆ. ಅಮೆಚೂರ್ ಕಬ್ಬಡ್ಡಿ ಅಸೋಸಿಯೇಷನ್ ಆಫ್ ಇಂಡಿಯಾ ವತಿಯಿಂದ ಆಯ್ಕೆಯಾದ ಗಣೇಶ್ ಅವರಿಗೆ ಗ್ರಾಮಸ್ಥರು ಅಭಿನಂದನೆ ಸಲ್ಲಿಸಿದರು.
ಕಂಪ್ಲಿ ಜೆಸಿಐ
ಸೋನಾದಿಂದ
ಕುಡಿಯುವ
ನೀರಿನ
ವ್ಯವಸ್ಥೆ
• ಸುದ್ದಿಮೂಲ ವಾರ್ತೆ ಕಂಪ್ಲಿ, ಮಾ.27: ಕಂಪ್ಲಿ ಪಟ್ಟಣದ ಮುಖ್ಯರಸ್ತೆಯಲ್ಲಿ ಜೆಸಿಐ ಸೋನಾ ಘಟಕವು ಬೇಸಿಗೆ ಕಾಲದಲ್ಲಿ ಸಾರ್ವಜನಿಕರ ಅನುಕೂಲಕ್ಕಾಗಿ ಕುಡಿಯುವ ನೀರಿನ ಅರವಟ್ಟಿಗೆಯನ್ನು ತೆರೆಯಿತು. ಪುರಸಭೆ ಉಪಾಧ್ಯಕ್ಷರು ಉದ್ಘಾಟಿಸಿ ಮಾತನಾಡಿ, ಬೇಸಿಗೆ ಬಿಸಿಲಿನ ತಾಪ ಹೆಚ್ಚಾಗಿದ್ದು ಸಾರ್ವಜನಿಕರಿಗೆ ನೀರಿನ ಅವಶ್ಯಕತೆ ಇದೆ ಎಂದರು. ಜೆಸಿಐ ಸಂಸ್ಥೆಯು ಸಮಾಜ ಸೇವೆಯಲ್ಲಿ ಮುಂಚೂಣಿಯಲ್ಲಿದೆ. ಒಟ್ಟಾರೆ ಜೆಸಿಐ ಸೋನಾ ಘಟಕದ ಸದಸ್ಯರು ಭಾಗವಹಿಸಿದ್ದರು.
ಒತ್ತಿದರು. ಅವನ್ನು ಶೈಕ್ಷಣಿಕ ಜ್ಞಾನಕ್ಕೂ ಹೆಚ್ಚಿನ ಗಮನ ನೀಡಿರಿ ಎಂದರು. ಈ ಸಂದರ್ಭದಲ್ಲಿ ಜೆಸಿಐ ಅಧ್ಯಕ್ಷ ಎಂ. ಶ್ರೀನಿವಾಸ, ಕಾರ್ಯದರ್ಶಿ ಜಿ. ನಿಂಗರಾಜ, ಪ್ರಮುಖರಾದ ಬಿ.ವಿಶ್ವನಾಥ, ಡಿ.ಮಂಜುನಾಥ, ಕೆ.ಶ್ರೀನಿವಾಸ, ಎಸ್.ಮಹೇಶ, ಬಿ.ಸಂತೋಷ್, ಕೆ.ಶೇಖರ್, ಪತ್ರಕರ್ತ ಬಿ.ಎನ್.ಎಂ.ಅಮರೇಶ್, ಡಾ. ಜಿ.ಸುದರ್ಶನ್, ಬಿ.ಕರಿಬಸಪ್ಪ, ಮೃತ್ಯುಂಜಯ ಸ್ವಾಮಿ, ಜೆಸಿಐ ಸದಸ್ಯರು ಉಪಸ್ಥಿತರಿದ್ದರು.
